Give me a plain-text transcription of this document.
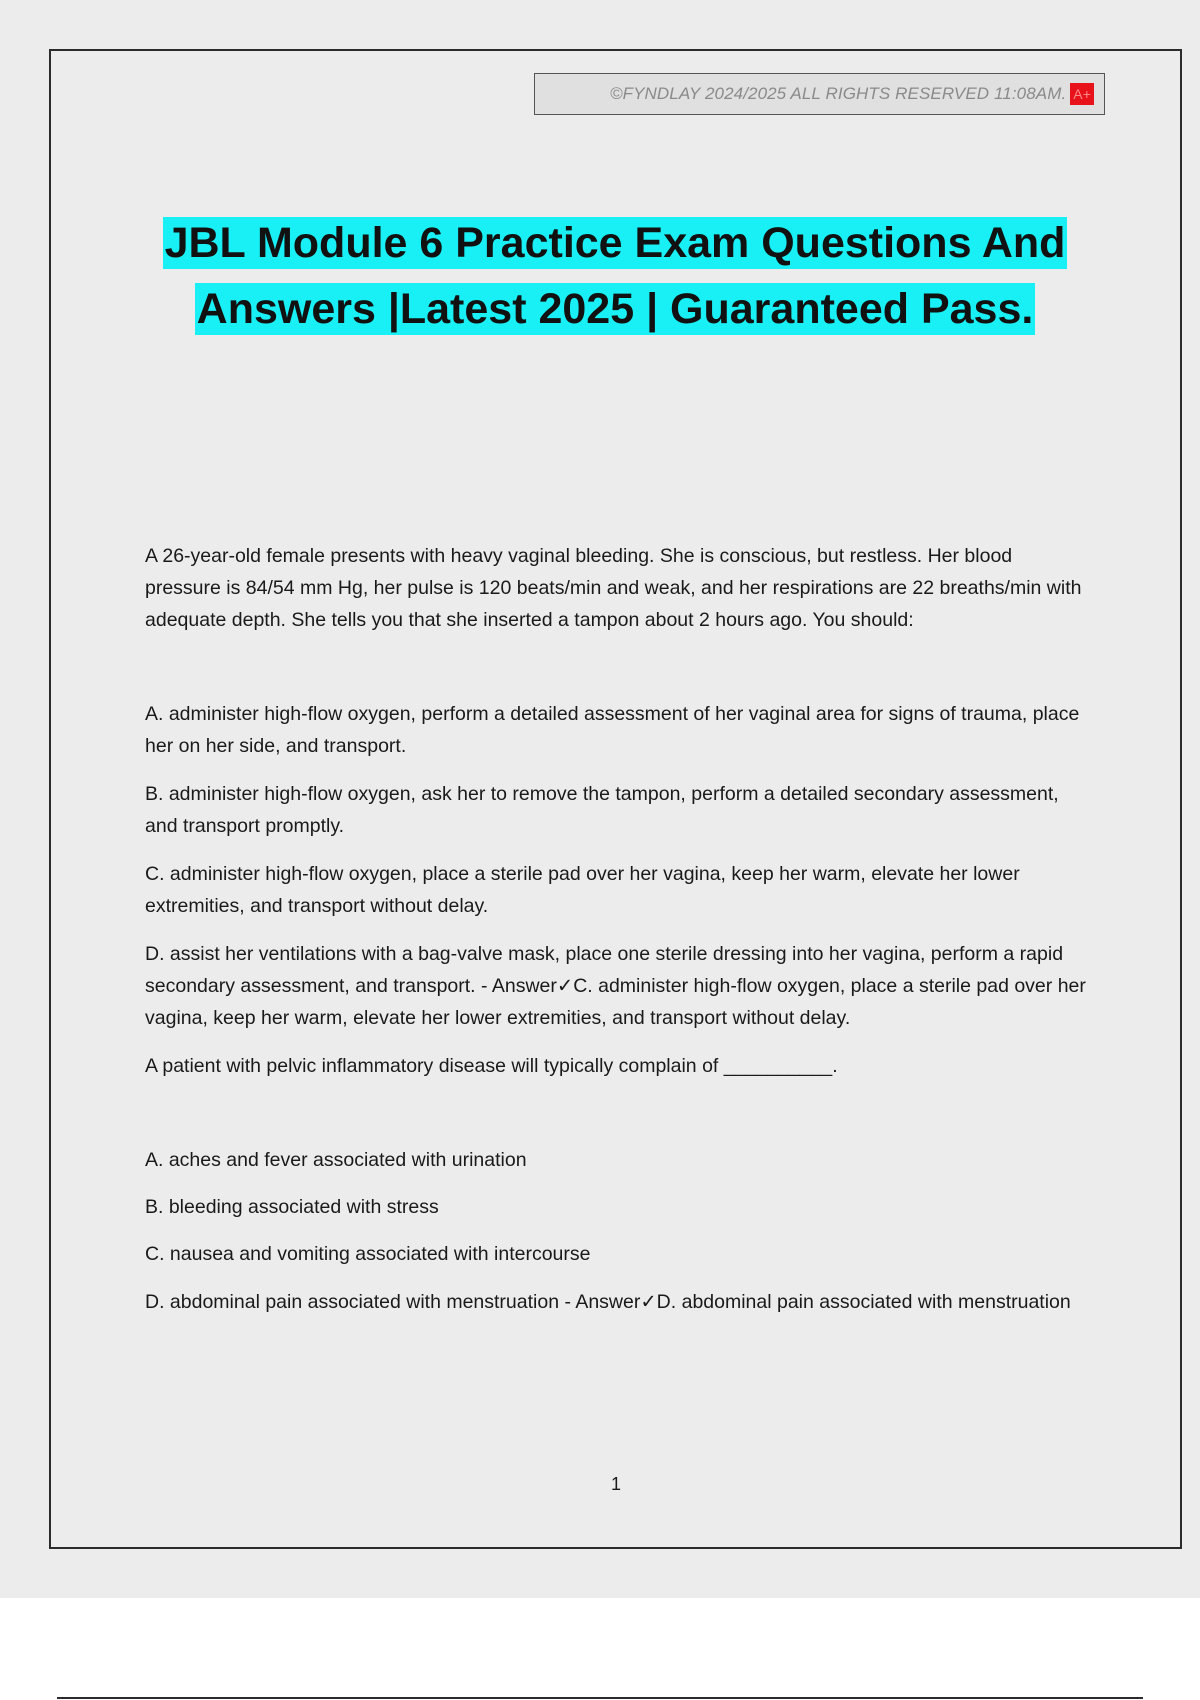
©FYNDLAY 2024/2025 ALL RIGHTS RESERVED 11:08AM. A+
JBL Module 6 Practice Exam Questions And
Answers |Latest 2025 | Guaranteed Pass.

A 26-year-old female presents with heavy vaginal bleeding. She is conscious, but restless. Her blood pressure is 84/54 mm Hg, her pulse is 120 beats/min and weak, and her respirations are 22 breaths/min with adequate depth. She tells you that she inserted a tampon about 2 hours ago. You should:

A. administer high-flow oxygen, perform a detailed assessment of her vaginal area for signs of trauma, place her on her side, and transport.

B. administer high-flow oxygen, ask her to remove the tampon, perform a detailed secondary assessment, and transport promptly.

C. administer high-flow oxygen, place a sterile pad over her vagina, keep her warm, elevate her lower extremities, and transport without delay.

D. assist her ventilations with a bag-valve mask, place one sterile dressing into her vagina, perform a rapid secondary assessment, and transport. - Answer✓C. administer high-flow oxygen, place a sterile pad over her vagina, keep her warm, elevate her lower extremities, and transport without delay.

A patient with pelvic inflammatory disease will typically complain of __________.

A. aches and fever associated with urination

B. bleeding associated with stress

C. nausea and vomiting associated with intercourse

D. abdominal pain associated with menstruation - Answer✓D. abdominal pain associated with menstruation

1
